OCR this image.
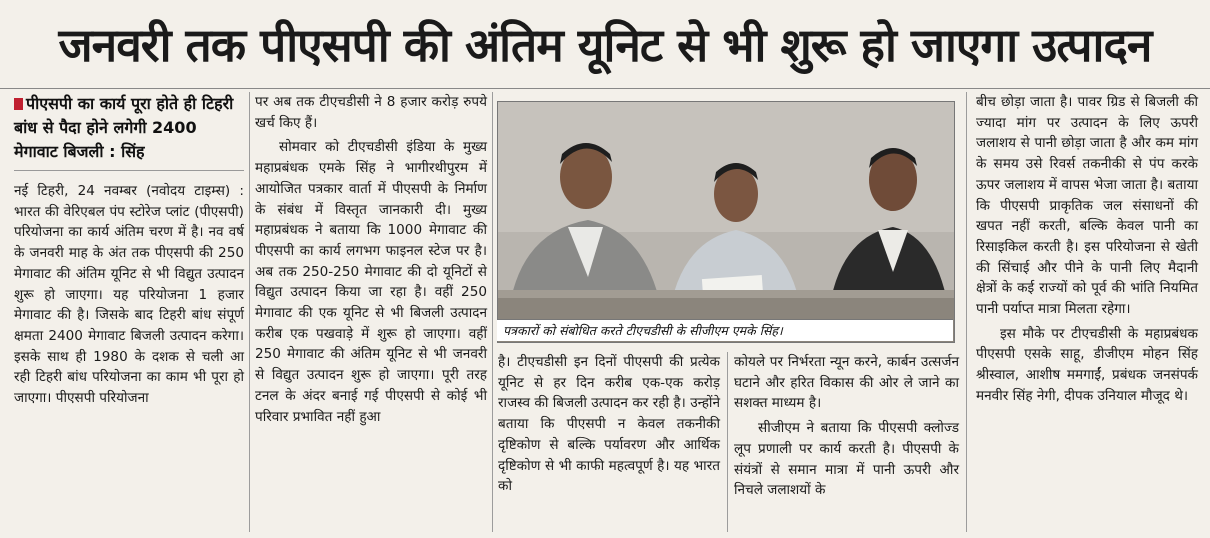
जनवरी तक पीएसपी की अंतिम यूनिट से भी शुरू हो जाएगा उत्पादन
पीएसपी का कार्य पूरा होते ही टिहरी बांध से पैदा होने लगेगी 2400 मेगावाट बिजली : सिंह

नई टिहरी, 24 नवम्बर (नवोदय टाइम्स) : भारत की वेरिएबल पंप स्टोरेज प्लांट (पीएसपी) परियोजना का कार्य अंतिम चरण में है। नव वर्ष के जनवरी माह के अंत तक पीएसपी की 250 मेगावाट की अंतिम यूनिट से भी विद्युत उत्पादन शुरू हो जाएगा। यह परियोजना 1 हजार मेगावाट की है। जिसके बाद टिहरी बांध संपूर्ण क्षमता 2400 मेगावाट बिजली उत्पादन करेगा। इसके साथ ही 1980 के दशक से चली आ रही टिहरी बांध परियोजना का काम भी पूरा हो जाएगा। पीएसपी परियोजना

पर अब तक टीएचडीसी ने 8 हजार करोड़ रुपये खर्च किए हैं।

सोमवार को टीएचडीसी इंडिया के मुख्य महाप्रबंधक एमके सिंह ने भागीरथीपुरम में आयोजित पत्रकार वार्ता में पीएसपी के निर्माण के संबंध में विस्तृत जानकारी दी। मुख्य महाप्रबंधक ने बताया कि 1000 मेगावाट की पीएसपी का कार्य लगभग फाइनल स्टेज पर है। अब तक 250-250 मेगावाट की दो यूनिटों से विद्युत उत्पादन किया जा रहा है। वहीं 250 मेगावाट की एक यूनिट से भी बिजली उत्पादन करीब एक पखवाड़े में शुरू हो जाएगा। वहीं 250 मेगावाट की अंतिम यूनिट से भी जनवरी से विद्युत उत्पादन शुरू हो जाएगा। पूरी तरह टनल के अंदर बनाई गई पीएसपी से कोई भी परिवार प्रभावित नहीं हुआ

पत्रकारों को संबोधित करते टीएचडीसी के सीजीएम एमके सिंह।

है। टीएचडीसी इन दिनों पीएसपी की प्रत्येक यूनिट से हर दिन करीब एक-एक करोड़ राजस्व की बिजली उत्पादन कर रही है। उन्होंने बताया कि पीएसपी न केवल तकनीकी दृष्टिकोण से बल्कि पर्यावरण और आर्थिक दृष्टिकोण से भी काफी महत्वपूर्ण है। यह भारत को

कोयले पर निर्भरता न्यून करने, कार्बन उत्सर्जन घटाने और हरित विकास की ओर ले जाने का सशक्त माध्यम है।

सीजीएम ने बताया कि पीएसपी क्लोज्ड लूप प्रणाली पर कार्य करती है। पीएसपी के संयंत्रों से समान मात्रा में पानी ऊपरी और निचले जलाशयों के

बीच छोड़ा जाता है। पावर ग्रिड से बिजली की ज्यादा मांग पर उत्पादन के लिए ऊपरी जलाशय से पानी छोड़ा जाता है और कम मांग के समय उसे रिवर्स तकनीकी से पंप करके ऊपर जलाशय में वापस भेजा जाता है। बताया कि पीएसपी प्राकृतिक जल संसाधनों की खपत नहीं करती, बल्कि केवल पानी का रिसाइकिल करती है। इस परियोजना से खेती की सिंचाई और पीने के पानी लिए मैदानी क्षेत्रों के कई राज्यों को पूर्व की भांति नियमित पानी पर्याप्त मात्रा मिलता रहेगा।

इस मौके पर टीएचडीसी के महाप्रबंधक पीएसपी एसके साहू, डीजीएम मोहन सिंह श्रीस्वाल, आशीष ममगाईं, प्रबंधक जनसंपर्क मनवीर सिंह नेगी, दीपक उनियाल मौजूद थे।
